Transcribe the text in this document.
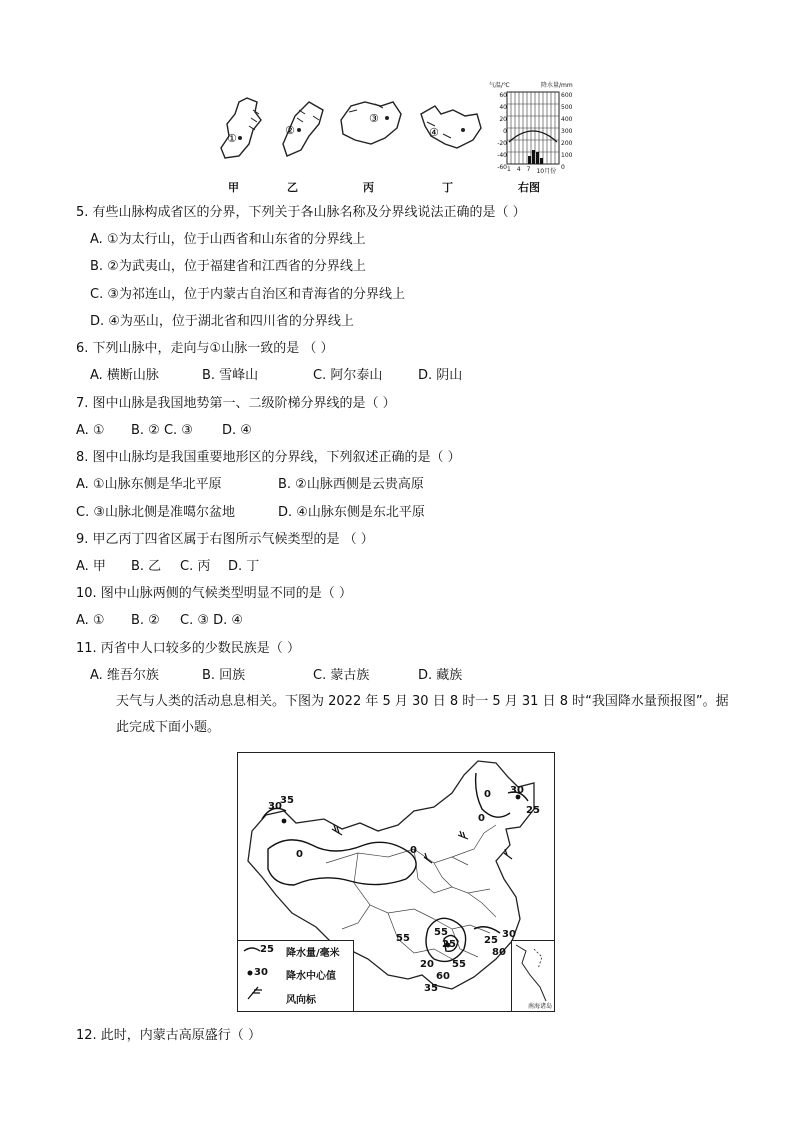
①
②
③
④
气温/℃	降水量/mm
60
40
20
0
-20
-40
-60
600
500
400
300
200
100
0
1 4 7 10月份
甲	乙	丙	丁	右图
5. 有些山脉构成省区的分界，下列关于各山脉名称及分界线说法正确的是（ ）
A. ①为太行山，位于山西省和山东省的分界线上
B. ②为武夷山，位于福建省和江西省的分界线上
C. ③为祁连山，位于内蒙古自治区和青海省的分界线上
D. ④为巫山，位于湖北省和四川省的分界线上
6. 下列山脉中，走向与①山脉一致的是 （ ）
A. 横断山脉	B. 雪峰山	C. 阿尔泰山	D. 阴山
7. 图中山脉是我国地势第一、二级阶梯分界线的是（ ）
A. ① B. ② C. ③ D. ④
8. 图中山脉均是我国重要地形区的分界线，下列叙述正确的是（ ）
A. ①山脉东侧是华北平原	B. ②山脉西侧是云贵高原
C. ③山脉北侧是准噶尔盆地	D. ④山脉东侧是东北平原
9. 甲乙丙丁四省区属于右图所示气候类型的是 （ ）
A. 甲 B. 乙 C. 丙 D. 丁
10. 图中山脉两侧的气候类型明显不同的是（ ）
A. ① B. ② C. ③ D. ④
11. 丙省中人口较多的少数民族是（ ）
A. 维吾尔族	B. 回族	C. 蒙古族	D. 藏族
天气与人类的活动息息相关。下图为 2022 年 5 月 30 日 8 时一 5 月 31 日 8 时“我国降水量预报图”。据此完成下面小题。
30
35
0
0
0
30
25
0
55
25
55	30
25
80
55
60
35
20
25
30
降水量/毫米
降水中心值
风向标
南海诸岛
12. 此时，内蒙古高原盛行（ ）
